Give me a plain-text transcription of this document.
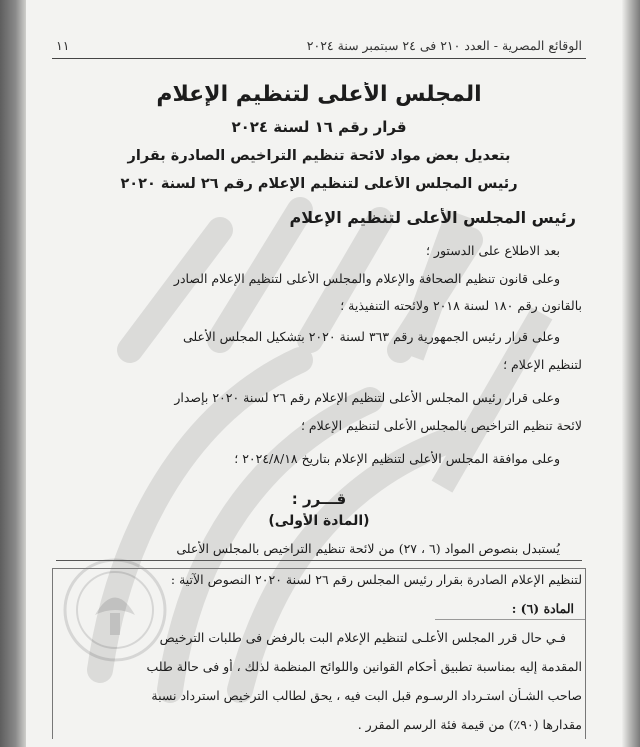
الوقائع المصرية - العدد ٢١٠ فى ٢٤ سبتمبر سنة ٢٠٢٤
١١
المجلس الأعلى لتنظيم الإعلام
قرار رقم ١٦ لسنة ٢٠٢٤
بتعديل بعض مواد لائحة تنظيم التراخيص الصادرة بقرار
رئيس المجلس الأعلى لتنظيم الإعلام رقم ٢٦ لسنة ٢٠٢٠
رئيس المجلس الأعلى لتنظيم الإعلام
بعد الاطلاع على الدستور ؛
وعلى قانون تنظيم الصحافة والإعلام والمجلس الأعلى لتنظيم الإعلام الصادر
بالقانون رقم ١٨٠ لسنة ٢٠١٨ ولائحته التنفيذية ؛
وعلى قرار رئيس الجمهورية رقم ٣٦٣ لسنة ٢٠٢٠ بتشكيل المجلس الأعلى
لتنظيم الإعلام ؛
وعلى قرار رئيس المجلس الأعلى لتنظيم الإعلام رقم ٢٦ لسنة ٢٠٢٠ بإصدار
لائحة تنظيم التراخيص بالمجلس الأعلى لتنظيم الإعلام ؛
وعلى موافقة المجلس الأعلى لتنظيم الإعلام بتاريخ ٢٠٢٤/٨/١٨ ؛
قـــرر :
(المادة الأولى)
يُستبدل بنصوص المواد (٦ ، ٢٧) من لائحة تنظيم التراخيص بالمجلس الأعلى
لتنظيم الإعلام الصادرة بقرار رئيس المجلس رقم ٢٦ لسنة ٢٠٢٠ النصوص الآتية :
المادة (٦) :
فـي حال قرر المجلس الأعلـى لتنظيم الإعلام البت بالرفض فى طلبات الترخيص
المقدمة إليه بمناسبة تطبيق أحكام القوانين واللوائح المنظمة لذلك ، أو فى حالة طلب
صاحب الشـأن استـرداد الرسـوم قبل البت فيه ، يحق لطالب الترخيص استرداد نسبة
مقدارها (٩٠٪) من قيمة فئة الرسم المقرر .
